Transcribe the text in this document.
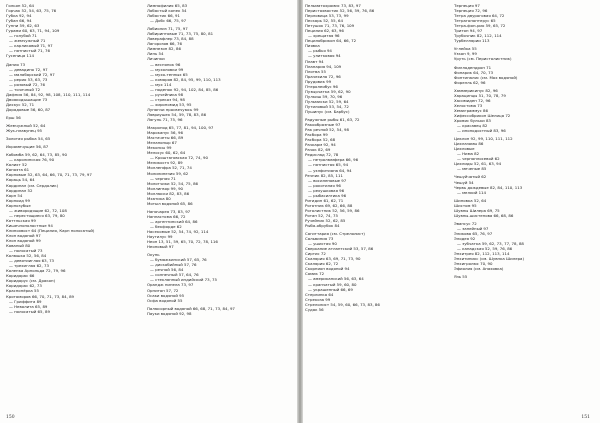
Гольян 52, 64
Горчак 52, 54, 63, 75, 76
Губка 92, 94
Губан 66, 94
Гуппи 59, 62, 63
Гурами 60, 63, 71, 94, 109
— голубой 71
— жемчужный 71
— карликовый 71, 97
— пятнистый 71, 76
Гусеница 114
Данио 73
— девадино 72, 97
— малабарский 72, 97
— рерио 53, 63, 73
— розовый 72, 76
— точечный 72
Дафния 56, 84, 92, 98, 108, 110, 111, 114
Двоякодышащие 73
Дискус 52, 71
Дорадовые 56, 60, 87
Ерш 56
Жемчужный 52, 64
Жук-плавунец 95
Золотая рыбка 54, 65
Икромечущие 56, 87
Кабомба 59, 62, 64, 73, 85, 90
— каролинская 76, 90
Калихт 52
Капоэта 61
Карповые 52, 63, 64, 66, 70, 71, 73, 79, 97
Караць 54, 64
Кардинал (см. Сердолик)
Кардинал 52
Карп 54
Карпоид 99
Карпозубые
— живородящие 62, 72, 108
— нерестящиеся 63, 79, 80
Каттльская 99
Кишечнополостные 94
Клинохвост 64 (Пецилия, Карп полосатый)
Клоп водяной 97
Клоп водяной 99
Кованый 80
— полосатый 73
Колюшка 52, 56, 84
— девятииглая 63, 73
— трехиглая 62, 73
Коленка Арнольда 72, 79, 96
Коридорас 66
Коридорус (см. Дракон)
Коридорас 62, 73
Краснопёрка 55
Кротоморов 66, 70, 71, 73, 84, 89
— Гриффита 89
— Неволита 65, 89
— полосатый 65, 89
Лимнофилия 65, 83
Лобастый конек 54
Лобастик 66, 91
— Добс 66, 75, 97
Лабиолиз 71, 75, 97
Лабиринтовые 71, 73, 75, 80, 81
Лаверафлер 73, 84, 88
Лагорозов 66, 76
Лимнезон 82, 86
Линь 54
Личинки
— веснянок 96
— мухоловки 99
— мухо-тенных 65
— комаров 82, 84, 95, 99, 110, 113
— мух 114
— поденок 92, 94, 102, 84, 85, 86
— ручейника 98
— стрекоз 94, 98
— хирономид 53, 95
Лунанчи просвечуюсь 99
Лявриушек 54, 59, 78, 83, 86
Лягуль 71, 75, 96
Макропод 65, 77, 81, 94, 100, 97
Мароканус 56, 96
Мастачеты 66, 89
Меланопыр 67
Меконсы 99
Мелосус 60, 62, 64
— Кроштаговская 72, 74, 90
Меликостэ 92, 89
Молленфра 52, 71, 74
Молилинезия 59, 62
— черная 71
Молотчики 52, 54, 75, 86
Моллигвор 99, 90
Моллюски 82, 83, 86
Мхатика 80
Мотыл водяной 65, 86
Наночарея 73, 83, 97
Наннастома 66, 72
— аргентинский 64, 86
— бекфорде 62
Насекомые 52, 54, 74, 92, 114
Наутилус 99
Неон 13, 51, 59, 65, 70, 72, 78, 116
Неоновый 97
Окунь
— бумажкинский 57, 65, 76
— дискобийный 57, 76
— речной 56, 84
— солнечный 57, 64, 76
— стеклянный индийский 73, 75
Орандж пинела 73, 97
Орнитон 57, 72
Осаки водяной 95
Осфа водяной 55
Палюсорный водяной 66, 68, 71, 73, 84, 97
Пауки водяной 92, 98
150
Пельматохромис 73, 83, 97
Перистохвостик 52, 56, 59, 76, 86
Перловица 53, 73, 99
Пескарь 52, 55, 64
Петушок 71, 73, 76, 109
Пецилия 62, 63, 96
— хрещатая 96
Пецилобрикон 64, 66, 72
Пиявка
— рыбья 94
— улитковая 94
Плавт 94
Планария 94, 109
Плотва 55
Прачехила 72, 96
Прудовик 99
Птеролеибус 96
Пузырчатка 59, 62, 90
Пулкиш 59, 70, 96
Пульмиски 52, 59, 64
Путиловый 53, 54, 72
Пушипус (см. Барбус)
Радужные рыбы 61, 63, 72
Ракообразные 97
Рак речной 52, 54, 98
Расбора 99
Расбора 52, 68
Рачкарм 92, 94
Рачок 82, 69
Редислад 72, 78
— петролюмфера 66, 96
— пятнистая 65, 94
— уэлфитиана 64, 94
Речник 82, 85, 111
— восиленовые 97
— рокотилая 96
— рехушковая 96
— рыбасилгика 96
Ригидин 61, 62, 71
Рогатник 69, 62, 66, 88
Роголистник 52, 56, 59, 86
Ротан 52, 74, 75
Ручейник 52, 62, 85
Рыба-обрубок 84
Сагиттария (см. Стрелолист)
Сальвиния 73
— ушистая 90
Сверкание атлантский 53, 57, 86
Сиртис 72
Скалярия 63, 69, 71, 73, 90
Скалярия 62, 72
Скорпион водяной 94
Сомик 72
— американский 56, 63, 64
— крапчатый 59, 60, 80
— украшенный 66, 69
Стерлинка 64
Стрекоза 99
Стрелолист 54, 59, 60, 66, 73, 83, 86
Судак 56
Тернеция 97
Тернеция 72, 96
Тетра двуроговая 64, 72
Тетрагоноптерус 65
Тетра-фон-рио 59, 65, 72
Тритон 94, 97
Трубочник 82, 112, 114
Турбеллярии 113
Углейка 55
Узкоп 9, 99
Уруть (см. Перистолистник)
Филлодендрон 71
Фонарик 64, 70, 73
Фонтиналис (см. Мох водяной)
Форелль 62, 96
Хаммерикинус 82, 96
Харацинцы 51, 70, 78, 79
Хасимиден 72, 96
Хелостома 73
Хемиграммус 86
Хифессобрикон Шелица 72
Хромис бульки 83
— красавец 82
— иноподостный 83, 96
Циклоп 92, 99, 110, 111, 112
Цихлазомы 86
Цихловые
— Нима 82
— черноплосевой 62
Цихлиды 52, 61, 63, 94
— меченые 85
Чешуйчатый 62
Чешуй 54
Червь дождевые 82, 84, 110, 113
— мелкий 114
Шиповка 52, 64
Шистом 95
Шувпы Шилера 69, 75
Шувпы-шистенова 66, 68, 86
Эвансус 72
— запейный 97
Эликова 65, 76, 97
Элодея 92
— зубчатка 59, 62, 73, 77, 78, 88
— канадская 52, 59, 76, 86
Энхитрея 82, 112, 113, 114
Энхитипикс (см. Шувпка Шилера)
Энхигролюс 70, 90
Эфиолия (см. Анаховка)
Язь 55
151
